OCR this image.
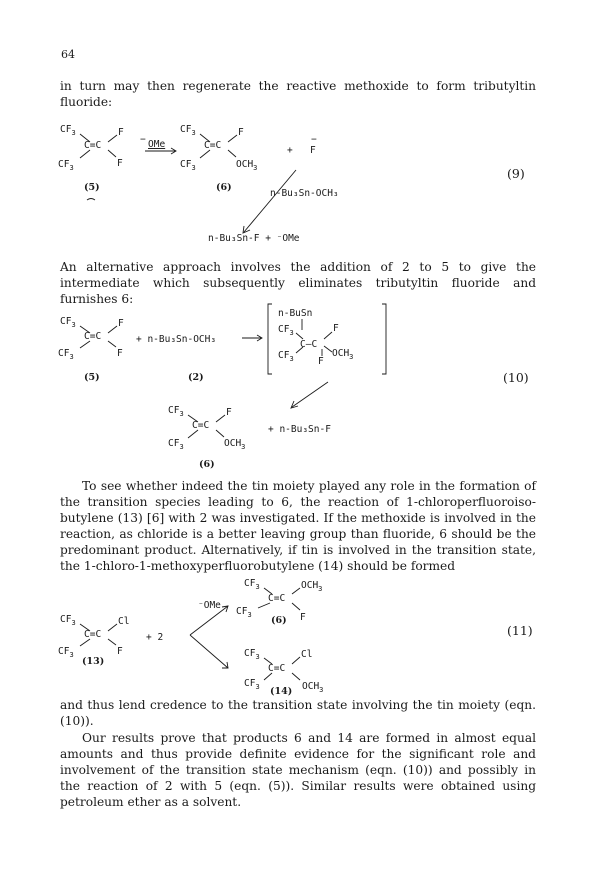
64
in turn may then regenerate the reactive methoxide to form tributyltin fluoride:
$CF_3$
C=C
F
$CF_3$	F
(5)
− OMe
$CF_3$
C=C
F
$CF_3$	$OCH_3$
(6)
+ F
−
n-Bu₃Sn-OCH₃
n-Bu₃Sn-F + ⁻OMe
(9)
An alternative approach involves the addition of 2 to 5 to give the intermediate which subsequently eliminates tributyltin fluoride and furnishes 6:
$CF_3$
C=C
F
$CF_3$	F
(5)
+ n-Bu₃Sn-OCH₃
(2)
n-BuSn
$CF_3$
C—C
F
$CF_3$	F
$OCH_3$
$CF_3$
C=C
F
$CF_3$	$OCH_3$
+ n-Bu₃Sn-F
(6)
(10)
To see whether indeed the tin moiety played any role in the formation of the transition species leading to 6, the reaction of 1-chloroperfluoroiso-butylene (13) [6] with 2 was investigated. If the methoxide is involved in the reaction, as chloride is a better leaving group than fluoride, 6 should be the predominant product. Alternatively, if tin is involved in the transition state, the 1-chloro-1-methoxyperfluorobutylene (14) should be formed
$CF_3$
C=C
Cl
$CF_3$	F
(13)
+ 2
⁻OMe
$CF_3$
C=C
$OCH_3$
$CF_3$	F
(6)
$CF_3$
C=C
Cl
$CF_3$	$OCH_3$
(14)
(11)
and thus lend credence to the transition state involving the tin moiety (eqn. (10)).
Our results prove that products 6 and 14 are formed in almost equal amounts and thus provide definite evidence for the significant role and involvement of the transition state mechanism (eqn. (10)) and possibly in the reaction of 2 with 5 (eqn. (5)). Similar results were obtained using petroleum ether as a solvent.
